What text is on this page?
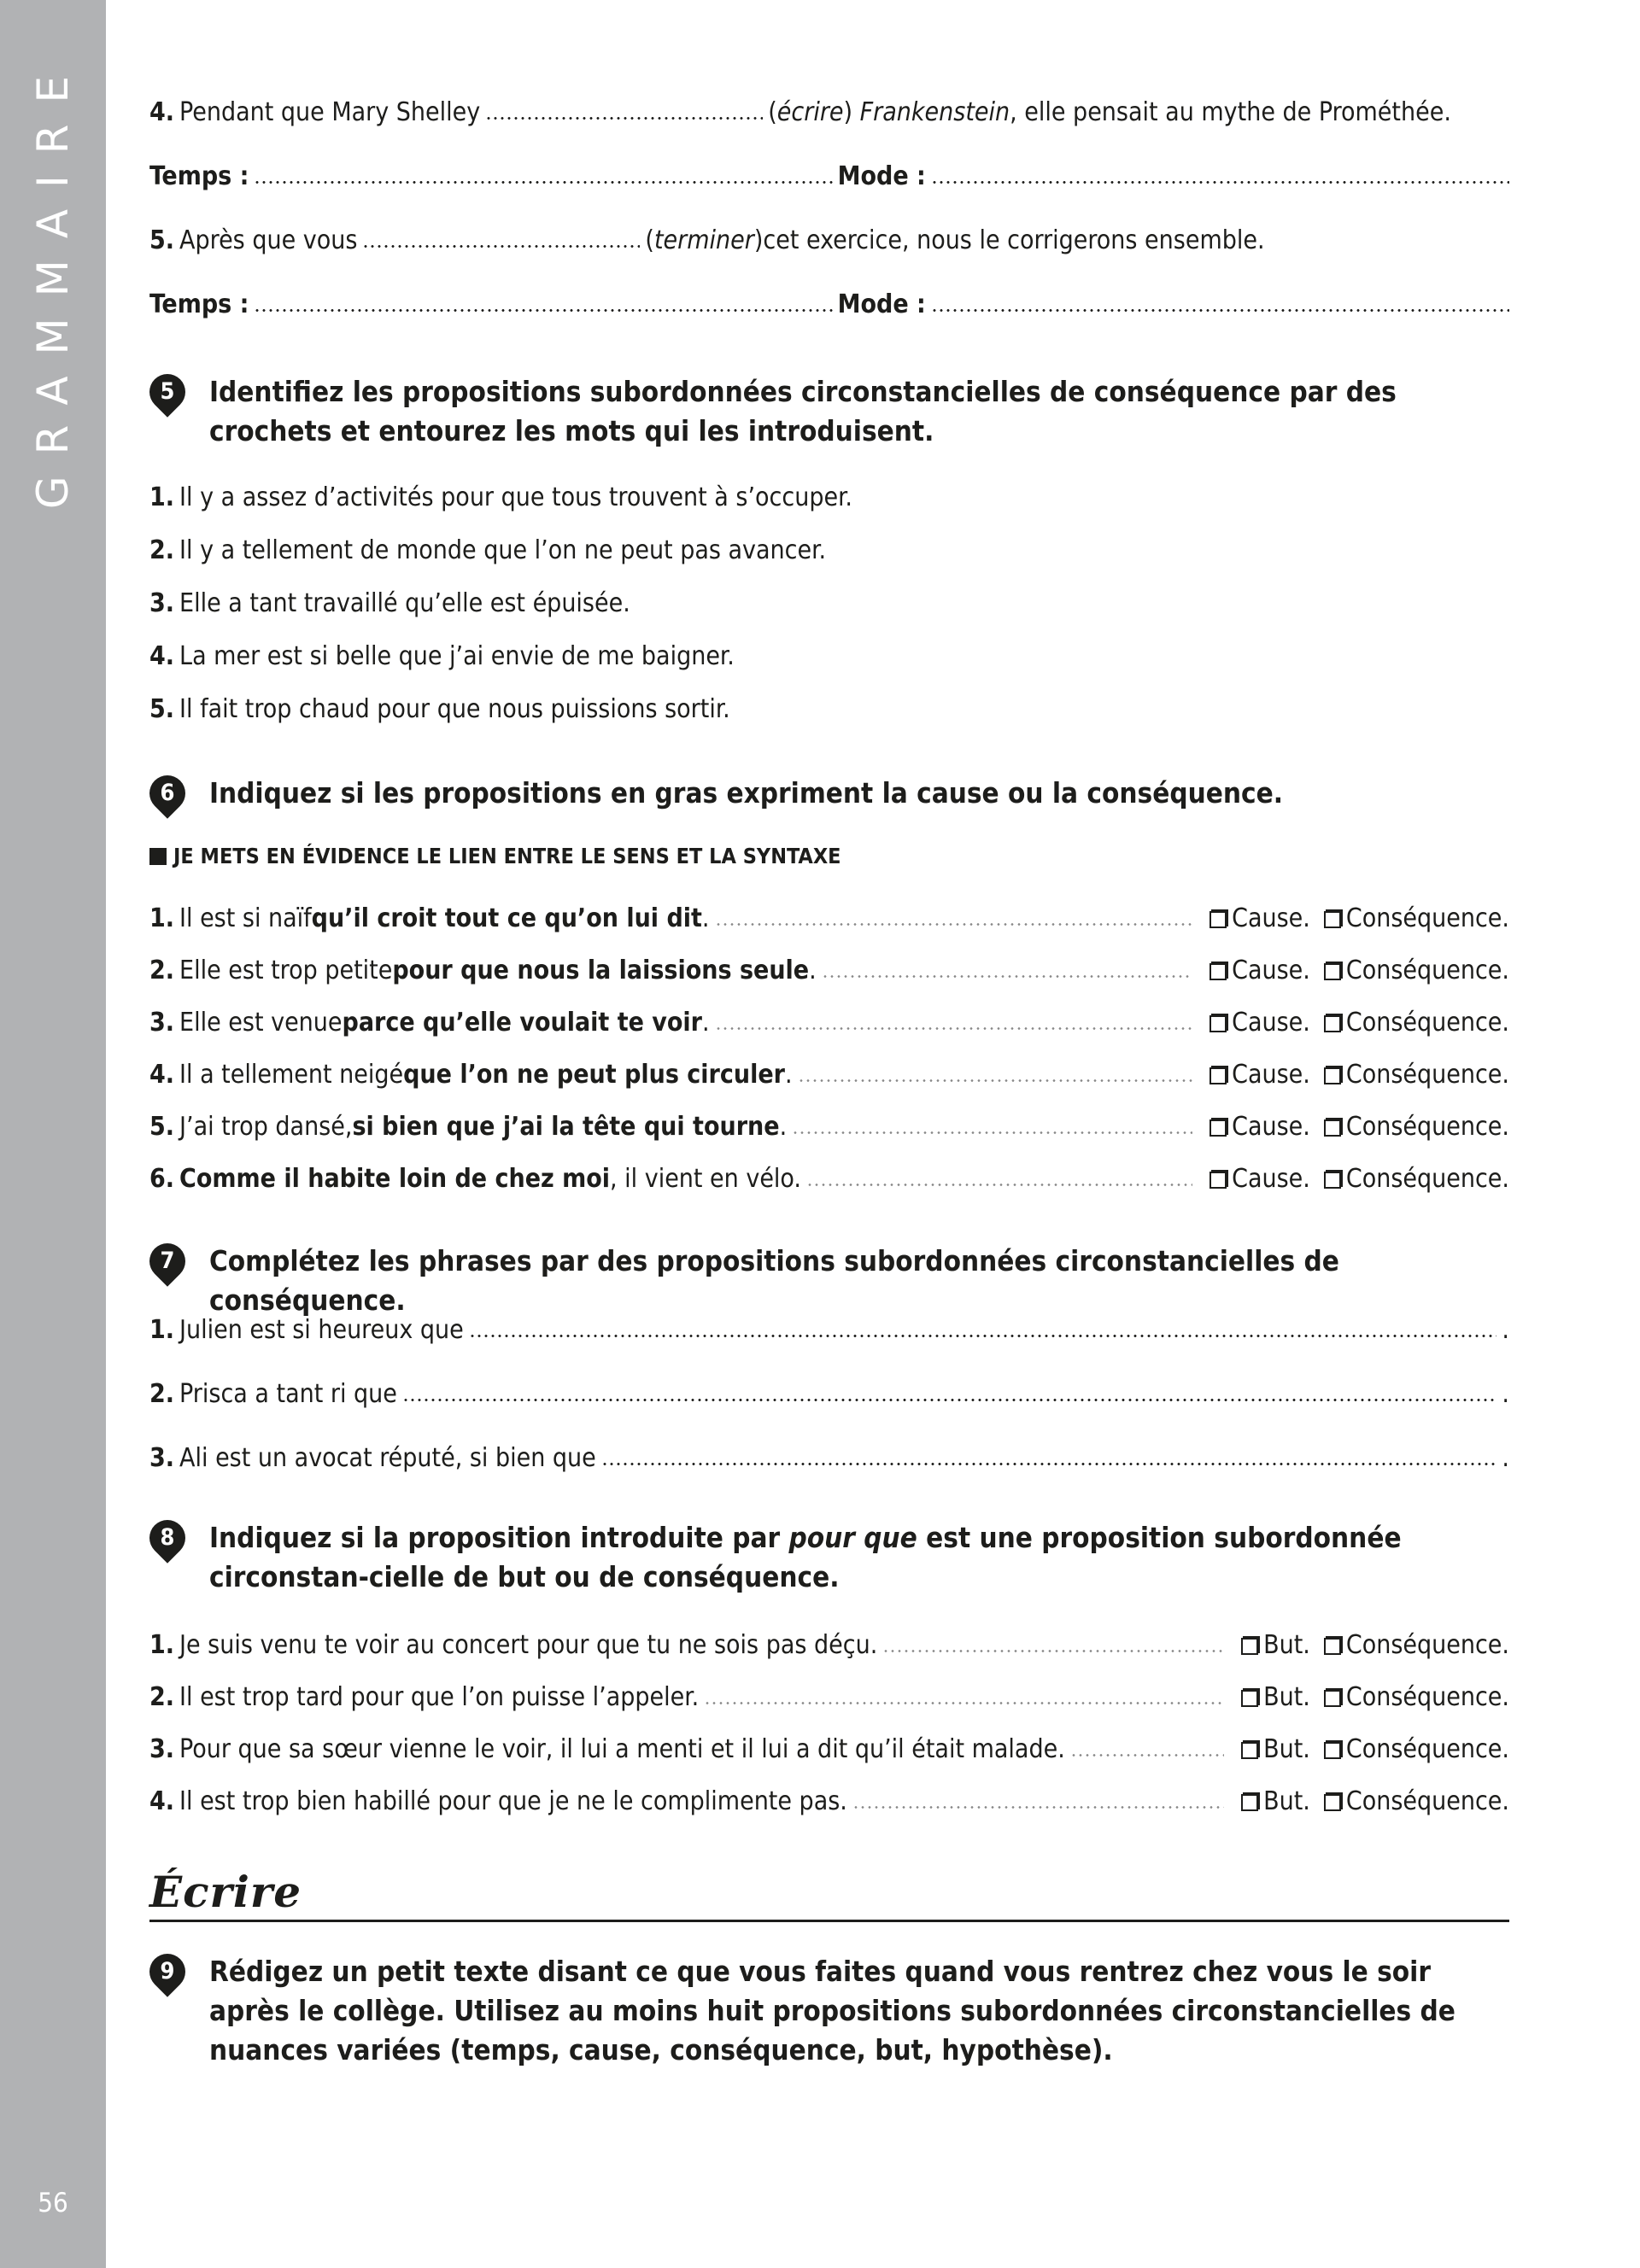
GRAMMAIRE
56
4. Pendant que Mary Shelley	( écrire ) Frankenstein , elle pensait au mythe de Prométhée.
Temps :	Mode :
5. Après que vous	( terminer ) cet exercice, nous le corrigerons ensemble.
Temps :	Mode :
5	Identifiez les propositions subordonnées circonstancielles de conséquence par des crochets et entourez les mots qui les introduisent.
1. Il y a assez d’activités pour que tous trouvent à s’occuper.
2. Il y a tellement de monde que l’on ne peut pas avancer.
3. Elle a tant travaillé qu’elle est épuisée.
4. La mer est si belle que j’ai envie de me baigner.
5. Il fait trop chaud pour que nous puissions sortir.
6	Indiquez si les propositions en gras expriment la cause ou la conséquence.
JE METS EN ÉVIDENCE LE LIEN ENTRE LE SENS ET LA SYNTAXE
1. Il est si naïf qu’il croit tout ce qu’on lui dit .	Cause. Conséquence.
2. Elle est trop petite pour que nous la laissions seule .	Cause. Conséquence.
3. Elle est venue parce qu’elle voulait te voir .	Cause. Conséquence.
4. Il a tellement neigé que l’on ne peut plus circuler .	Cause. Conséquence.
5. J’ai trop dansé, si bien que j’ai la tête qui tourne .	Cause. Conséquence.
6. Comme il habite loin de chez moi , il vient en vélo.	Cause. Conséquence.
7	Complétez les phrases par des propositions subordonnées circonstancielles de conséquence.
1. Julien est si heureux que	.
2. Prisca a tant ri que	.
3. Ali est un avocat réputé, si bien que	.
8	Indiquez si la proposition introduite par pour que est une proposition subordonnée circonstan-cielle de but ou de conséquence.
1. Je suis venu te voir au concert pour que tu ne sois pas déçu.	But. Conséquence.
2. Il est trop tard pour que l’on puisse l’appeler.	But. Conséquence.
3. Pour que sa sœur vienne le voir, il lui a menti et il lui a dit qu’il était malade.	But. Conséquence.
4. Il est trop bien habillé pour que je ne le complimente pas.	But. Conséquence.
Écrire
9	Rédigez un petit texte disant ce que vous faites quand vous rentrez chez vous le soir après le collège. Utilisez au moins huit propositions subordonnées circonstancielles de nuances variées (temps, cause, conséquence, but, hypothèse).
